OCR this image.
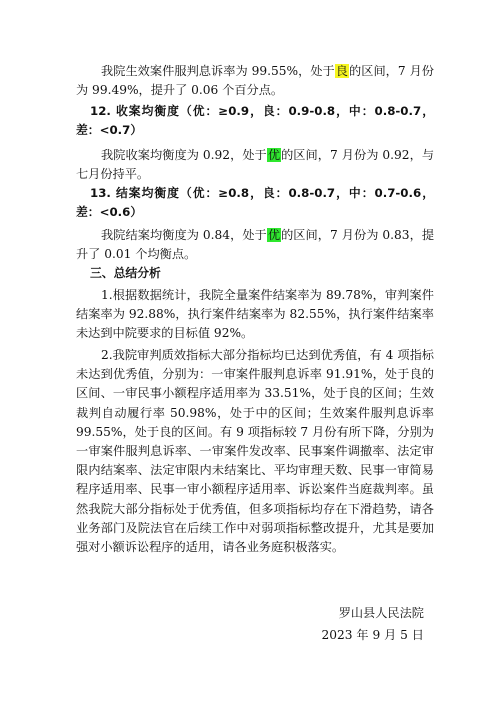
我院生效案件服判息诉率为 99.55%，处于良的区间，7 月份为 99.49%，提升了 0.06 个百分点。

12. 收案均衡度（优：≥0.9，良：0.9-0.8，中：0.8-0.7，差：<0.7）

我院收案均衡度为 0.92，处于优的区间，7 月份为 0.92，与七月份持平。

13. 结案均衡度（优：≥0.8，良：0.8-0.7，中：0.7-0.6，差：<0.6）

我院结案均衡度为 0.84，处于优的区间，7 月份为 0.83，提升了 0.01 个均衡点。

三、总结分析

1.根据数据统计，我院全量案件结案率为 89.78%，审判案件结案率为 92.88%，执行案件结案率为 82.55%，执行案件结案率未达到中院要求的目标值 92%。

2.我院审判质效指标大部分指标均已达到优秀值，有 4 项指标未达到优秀值，分别为：一审案件服判息诉率 91.91%，处于良的区间、一审民事小额程序适用率为 33.51%，处于良的区间；生效裁判自动履行率 50.98%，处于中的区间；生效案件服判息诉率 99.55%，处于良的区间。有 9 项指标较 7 月份有所下降，分别为一审案件服判息诉率、一审案件发改率、民事案件调撤率、法定审限内结案率、法定审限内未结案比、平均审理天数、民事一审简易程序适用率、民事一审小额程序适用率、诉讼案件当庭裁判率。虽然我院大部分指标处于优秀值，但多项指标均存在下滑趋势，请各业务部门及院法官在后续工作中对弱项指标整改提升，尤其是要加强对小额诉讼程序的适用，请各业务庭积极落实。

罗山县人民法院

2023 年 9 月 5 日
